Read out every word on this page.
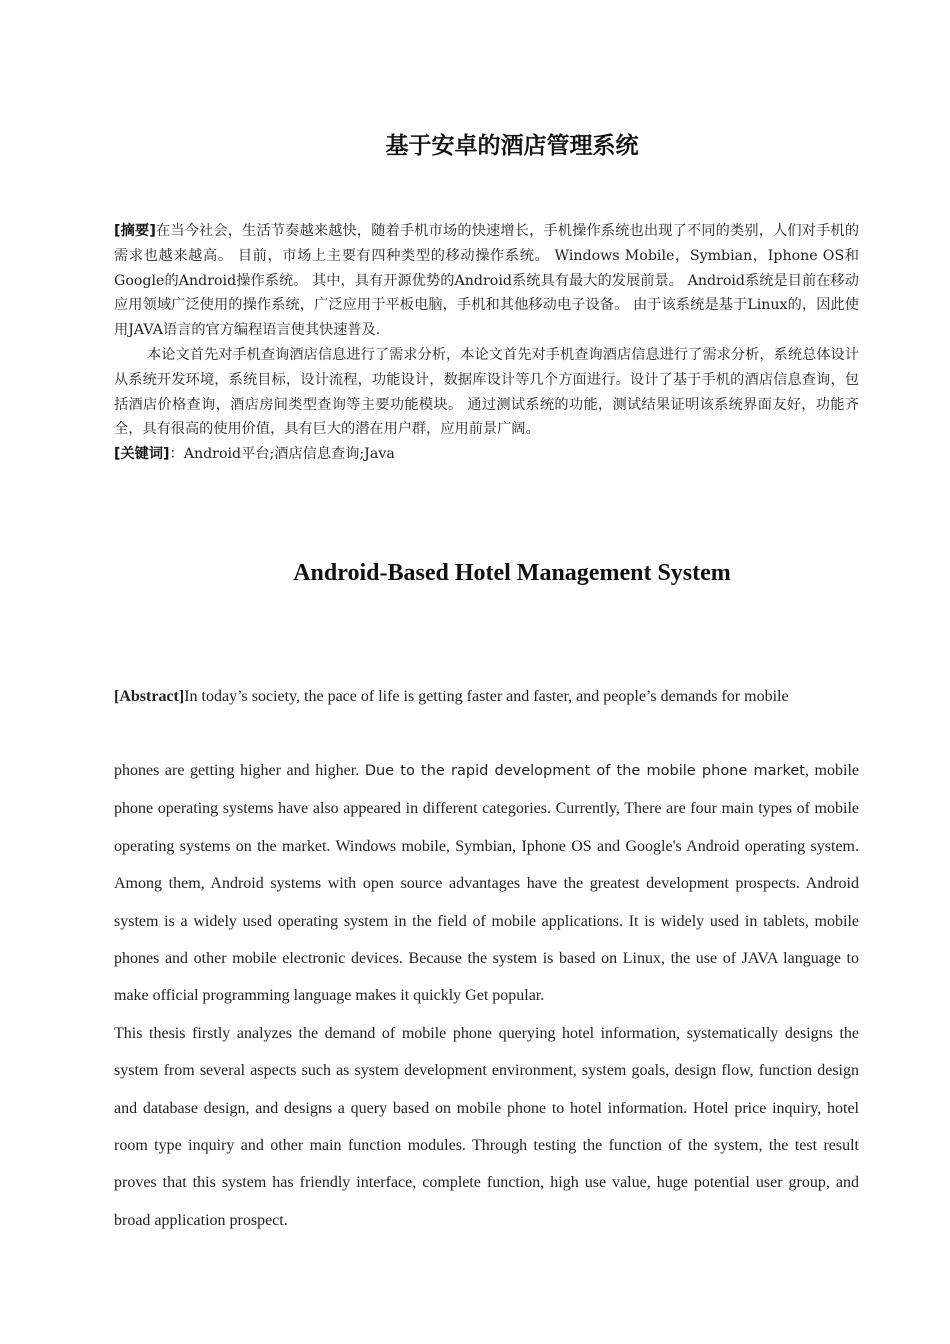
基于安卓的酒店管理系统

[摘要]在当今社会，生活节奏越来越快，随着手机市场的快速增长，手机操作系统也出现了不同的类别，人们对手机的需求也越来越高。 目前，市场上主要有四种类型的移动操作系统。 Windows Mobile，Symbian，Iphone OS和Google的Android操作系统。 其中，具有开源优势的Android系统具有最大的发展前景。 Android系统是目前在移动应用领域广泛使用的操作系统，广泛应用于平板电脑，手机和其他移动电子设备。 由于该系统是基于Linux的，因此使用JAVA语言的官方编程语言使其快速普及.

本论文首先对手机查询酒店信息进行了需求分析，本论文首先对手机查询酒店信息进行了需求分析，系统总体设计从系统开发环境，系统目标，设计流程，功能设计，数据库设计等几个方面进行。设计了基于手机的酒店信息查询，包括酒店价格查询，酒店房间类型查询等主要功能模块。 通过测试系统的功能，测试结果证明该系统界面友好，功能齐全，具有很高的使用价值，具有巨大的潜在用户群，应用前景广阔。

[关键词]：Android平台;酒店信息查询;Java

Android-Based Hotel Management System

[Abstract]In today’s society, the pace of life is getting faster and faster, and people’s demands for mobile

phones are getting higher and higher. Due to the rapid development of the mobile phone market, mobile phone operating systems have also appeared in different categories. Currently, There are four main types of mobile operating systems on the market. Windows mobile, Symbian, Iphone OS and Google's Android operating system. Among them, Android systems with open source advantages have the greatest development prospects. Android system is a widely used operating system in the field of mobile applications. It is widely used in tablets, mobile phones and other mobile electronic devices. Because the system is based on Linux, the use of JAVA language to make official programming language makes it quickly Get popular.

This thesis firstly analyzes the demand of mobile phone querying hotel information, systematically designs the system from several aspects such as system development environment, system goals, design flow, function design and database design, and designs a query based on mobile phone to hotel information. Hotel price inquiry, hotel room type inquiry and other main function modules. Through testing the function of the system, the test result proves that this system has friendly interface, complete function, high use value, huge potential user group, and broad application prospect.
